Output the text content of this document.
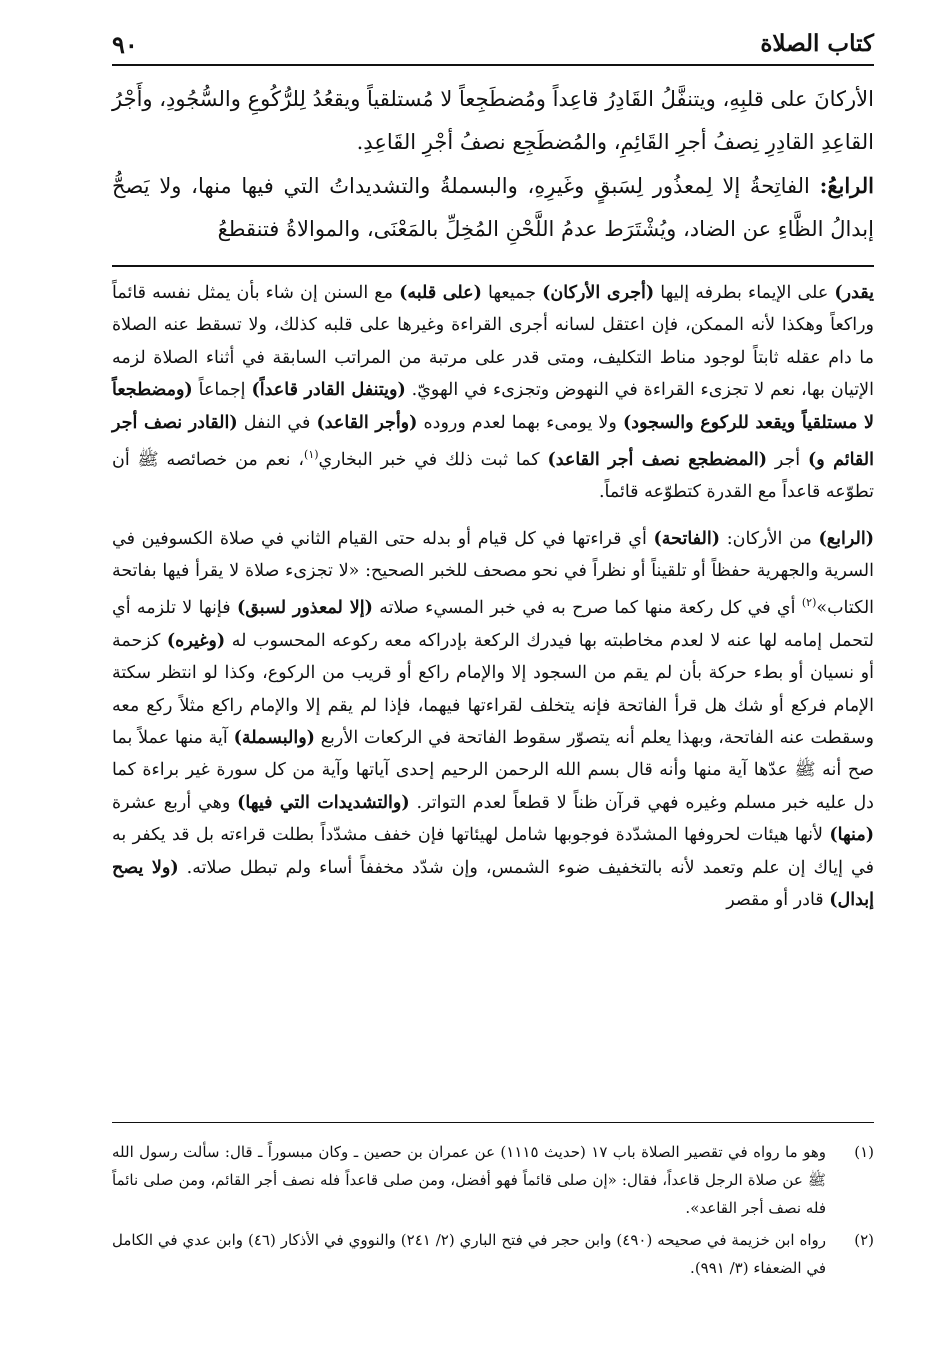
كتاب الصلاة
٩٠

الأركانَ على قلبِهِ، ويتنفَّلُ القَادِرُ قاعِداً ومُضطَجِعاً لا مُستلقياً ويقعُدُ لِلرُّكُوعِ والسُّجُودِ، وأَجْرُ القاعِدِ القادِرِ نِصفُ أجرِ القَائِمِ، والمُضطَجِع نصفُ أجْرِ القَاعِدِ.

الرابعُ: الفاتِحةُ إلا لِمعذُور لِسَبقٍ وغَيرِهِ، والبسملةُ والتشديداتُ التي فيها منها، ولا يَصحُّ إبدالُ الظَّاءِ عن الضاد، ويُشْتَرَط عدمُ اللَّحْنِ المُخِلِّ بالمَعْنَى، والموالاةُ فتنقطعُ

يقدر) على الإيماء بطرفه إليها (أجرى الأركان) جميعها (على قلبه) مع السنن إن شاء بأن يمثل نفسه قائماً وراكعاً وهكذا لأنه الممكن، فإن اعتقل لسانه أجرى القراءة وغيرها على قلبه كذلك، ولا تسقط عنه الصلاة ما دام عقله ثابتاً لوجود مناط التكليف، ومتى قدر على مرتبة من المراتب السابقة في أثناء الصلاة لزمه الإتيان بها، نعم لا تجزىء القراءة في النهوض وتجزىء في الهويّ. (ويتنفل القادر قاعداً) إجماعاً (ومضطجعاً لا مستلقياً ويقعد للركوع والسجود) ولا يومىء بهما لعدم وروده (وأجر القاعد) في النفل (القادر نصف أجر القائم و) أجر (المضطجع نصف أجر القاعد) كما ثبت ذلك في خبر البخاري$^{(١)}$، نعم من خصائصه ﷺ أن تطوّعه قاعداً مع القدرة كتطوّعه قائماً.

(الرابع) من الأركان: (الفاتحة) أي قراءتها في كل قيام أو بدله حتى القيام الثاني في صلاة الكسوفين في السرية والجهرية حفظاً أو تلقيناً أو نظراً في نحو مصحف للخبر الصحيح: «لا تجزىء صلاة لا يقرأ فيها بفاتحة الكتاب»$^{(٢)}$ أي في كل ركعة منها كما صرح به في خبر المسيء صلاته (إلا لمعذور لسبق) فإنها لا تلزمه أي لتحمل إمامه لها عنه لا لعدم مخاطبته بها فيدرك الركعة بإدراكه معه ركوعه المحسوب له (وغيره) كزحمة أو نسيان أو بطء حركة بأن لم يقم من السجود إلا والإمام راكع أو قريب من الركوع، وكذا لو انتظر سكتة الإمام فركع أو شك هل قرأ الفاتحة فإنه يتخلف لقراءتها فيهما، فإذا لم يقم إلا والإمام راكع مثلاً ركع معه وسقطت عنه الفاتحة، وبهذا يعلم أنه يتصوّر سقوط الفاتحة في الركعات الأربع (والبسملة) آية منها عملاً بما صح أنه ﷺ عدّها آية منها وأنه قال بسم الله الرحمن الرحيم إحدى آياتها وآية من كل سورة غير براءة كما دل عليه خبر مسلم وغيره فهي قرآن ظناً لا قطعاً لعدم التواتر. (والتشديدات التي فيها) وهي أربع عشرة (منها) لأنها هيئات لحروفها المشدّدة فوجوبها شامل لهيئاتها فإن خفف مشدّداً بطلت قراءته بل قد يكفر به في إياك إن علم وتعمد لأنه بالتخفيف ضوء الشمس، وإن شدّد مخففاً أساء ولم تبطل صلاته. (ولا يصح إبدال) قادر أو مقصر

(١)
وهو ما رواه في تقصير الصلاة باب ١٧ (حديث ١١١٥) عن عمران بن حصين ـ وكان مبسوراً ـ قال: سألت رسول الله ﷺ عن صلاة الرجل قاعداً، فقال: «إن صلى قائماً فهو أفضل، ومن صلى قاعداً فله نصف أجر القائم، ومن صلى نائماً فله نصف أجر القاعد».
(٢)
رواه ابن خزيمة في صحيحه (٤٩٠) وابن حجر في فتح الباري (٢/ ٢٤١) والنووي في الأذكار (٤٦) وابن عدي في الكامل في الضعفاء (٣/ ٩٩١).
